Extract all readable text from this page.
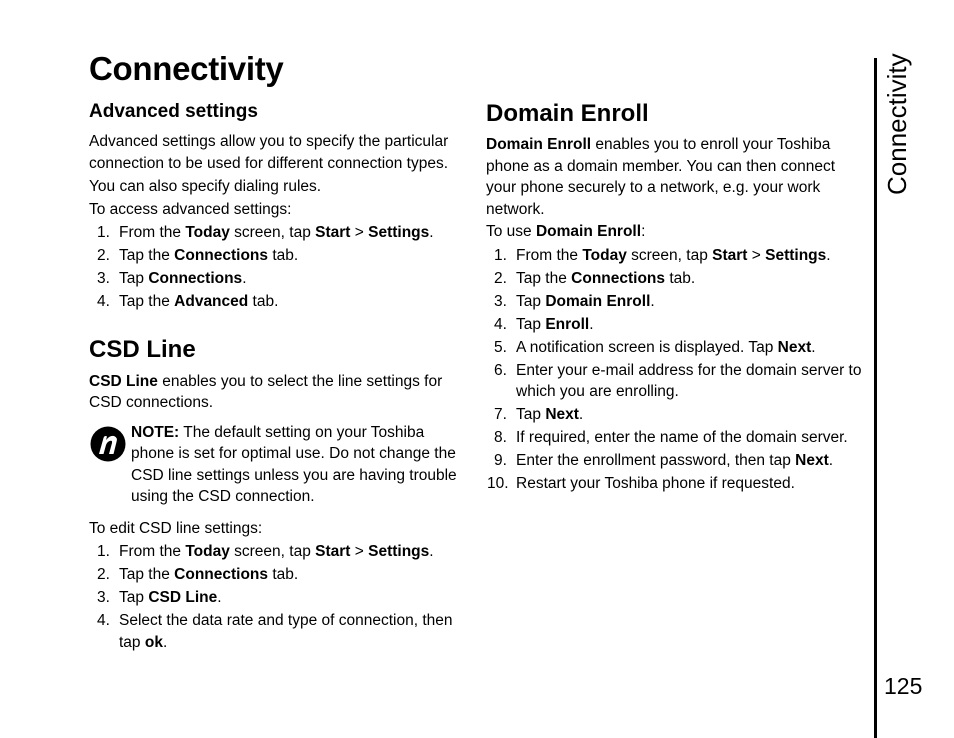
Connectivity	Connectivity
125
Advanced settings

Advanced settings allow you to specify the particular connection to be used for different connection types.

You can also specify dialing rules.

To access advanced settings:

1. From the Today screen, tap Start > Settings.
2. Tap the Connections tab.
3. Tap Connections.
4. Tap the Advanced tab.
CSD Line

CSD Line enables you to select the line settings for CSD connections.

NOTE: The default setting on your Toshiba phone is set for optimal use. Do not change the CSD line settings unless you are having trouble using the CSD connection.

To edit CSD line settings:

1. From the Today screen, tap Start > Settings.
2. Tap the Connections tab.
3. Tap CSD Line.
4. Select the data rate and type of connection, then tap ok.
Domain Enroll

Domain Enroll enables you to enroll your Toshiba phone as a domain member. You can then connect your phone securely to a network, e.g. your work network.

To use Domain Enroll:

1. From the Today screen, tap Start > Settings.
2. Tap the Connections tab.
3. Tap Domain Enroll.
4. Tap Enroll.
5. A notification screen is displayed. Tap Next.
6. Enter your e-mail address for the domain server to which you are enrolling.
7. Tap Next.
8. If required, enter the name of the domain server.
9. Enter the enrollment password, then tap Next.
10. Restart your Toshiba phone if requested.
